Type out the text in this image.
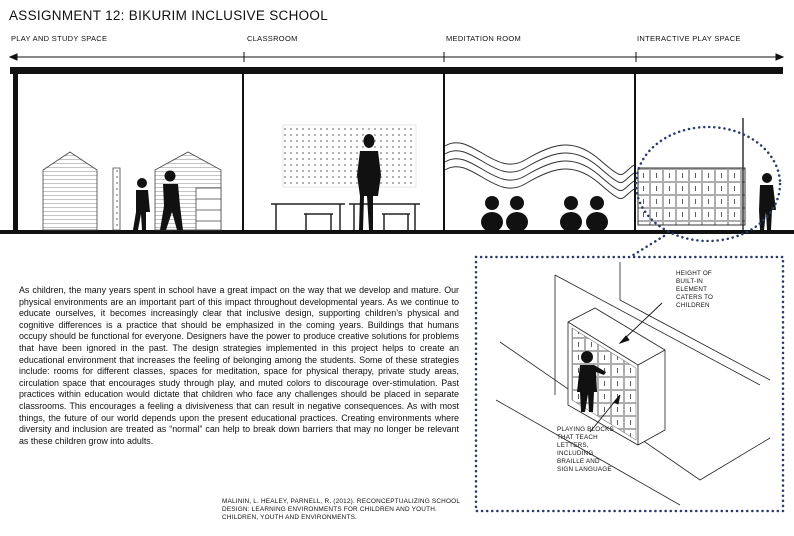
ASSIGNMENT 12: BIKURIM INCLUSIVE SCHOOL
PLAY AND STUDY SPACE	CLASSROOM	MEDITATION ROOM	INTERACTIVE PLAY SPACE
As children, the many years spent in school have a great impact on the way that we develop and mature. Our physical environments are an important part of this impact throughout developmental years. As we continue to educate ourselves, it becomes increasingly clear that inclusive design, supporting children’s physical and cognitive differences is a practice that should be emphasized in the coming years. Buildings that humans occupy should be functional for everyone. Designers have the power to produce creative solutions for problems that have been ignored in the past. The design strategies implemented in this project helps to create an educational environment that increases the feeling of belonging among the students. Some of these strategies include: rooms for different classes, spaces for meditation, space for physical therapy, private study areas, circulation space that encourages study through play, and muted colors to discourage over-stimulation. Past practices within education would dictate that children who face any challenges should be placed in separate classrooms. This encourages a feeling a divisiveness that can result in negative consequences. As with most things, the future of our world depends upon the present educational practices. Creating environments where diversity and inclusion are treated as “normal” can help to break down barriers that may no longer be relevant as these children grow into adults.
MALININ, L. HEALEY, PARNELL, R. (2012). RECONCEPTUALIZING SCHOOL DESIGN: LEARNING ENVIRONMENTS FOR CHILDREN AND YOUTH. CHILDREN, YOUTH AND ENVIRONMENTS.
HEIGHT OF BUILT-IN ELEMENT CATERS TO CHILDREN
PLAYING BLOCKS THAT TEACH LETTERS, INCLUDING BRAILLE AND SIGN LANGUAGE
